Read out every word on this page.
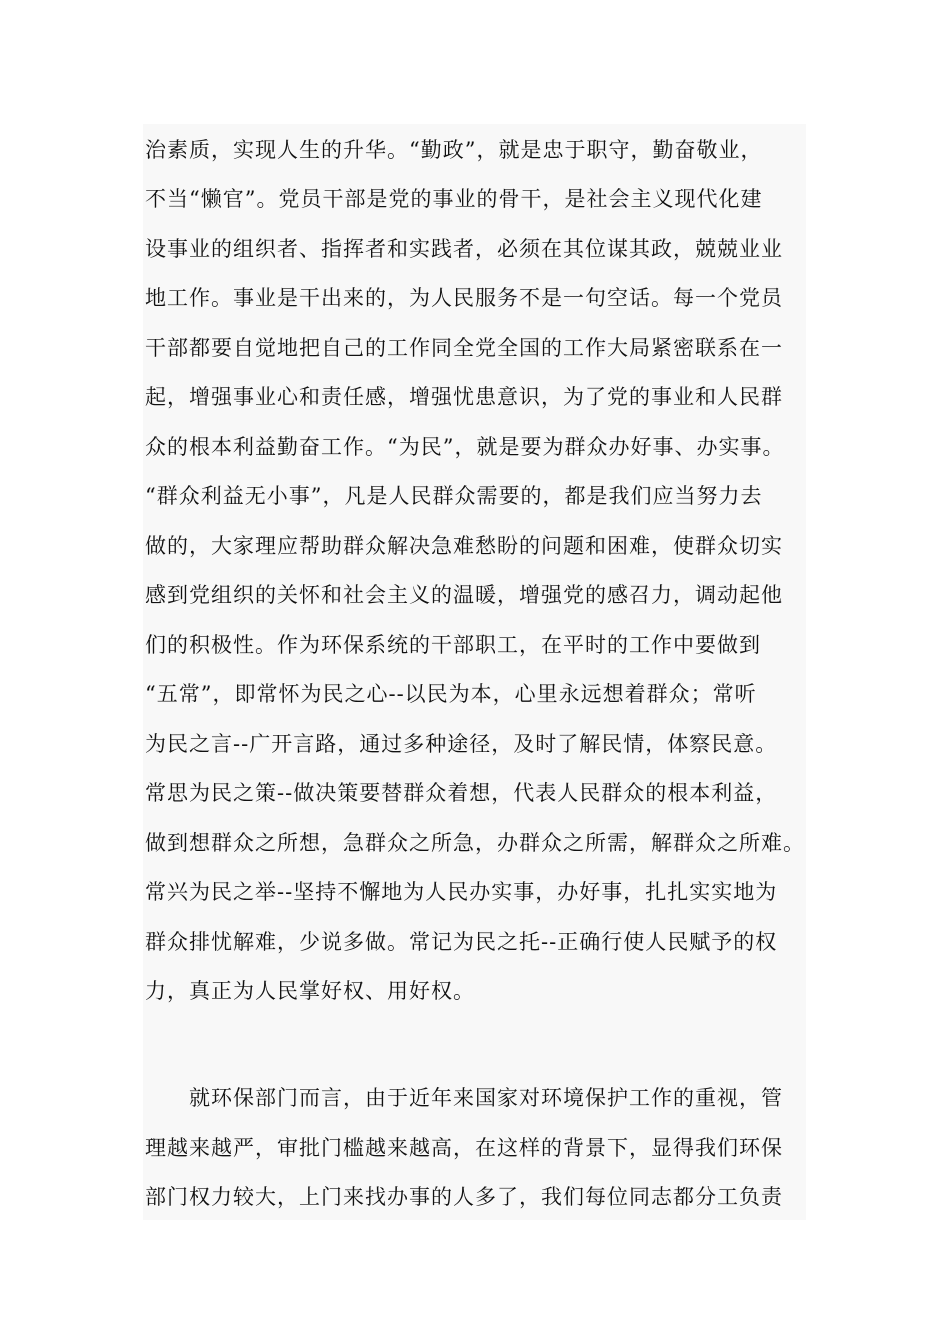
治素质，实现人生的升华。“勤政”，就是忠于职守，勤奋敬业，
不当“懒官”。党员干部是党的事业的骨干，是社会主义现代化建
设事业的组织者、指挥者和实践者，必须在其位谋其政，兢兢业业
地工作。事业是干出来的，为人民服务不是一句空话。每一个党员
干部都要自觉地把自己的工作同全党全国的工作大局紧密联系在一
起，增强事业心和责任感，增强忧患意识，为了党的事业和人民群
众的根本利益勤奋工作。“为民”，就是要为群众办好事、办实事。
“群众利益无小事”，凡是人民群众需要的，都是我们应当努力去
做的，大家理应帮助群众解决急难愁盼的问题和困难，使群众切实
感到党组织的关怀和社会主义的温暖，增强党的感召力，调动起他
们的积极性。作为环保系统的干部职工，在平时的工作中要做到
“五常”，即常怀为民之心--以民为本，心里永远想着群众；常听
为民之言--广开言路，通过多种途径，及时了解民情，体察民意。
常思为民之策--做决策要替群众着想，代表人民群众的根本利益，
做到想群众之所想，急群众之所急，办群众之所需，解群众之所难。
常兴为民之举--坚持不懈地为人民办实事，办好事，扎扎实实地为
群众排忧解难，少说多做。常记为民之托--正确行使人民赋予的权
力，真正为人民掌好权、用好权。
就环保部门而言，由于近年来国家对环境保护工作的重视，管
理越来越严，审批门槛越来越高，在这样的背景下，显得我们环保
部门权力较大，上门来找办事的人多了，我们每位同志都分工负责
